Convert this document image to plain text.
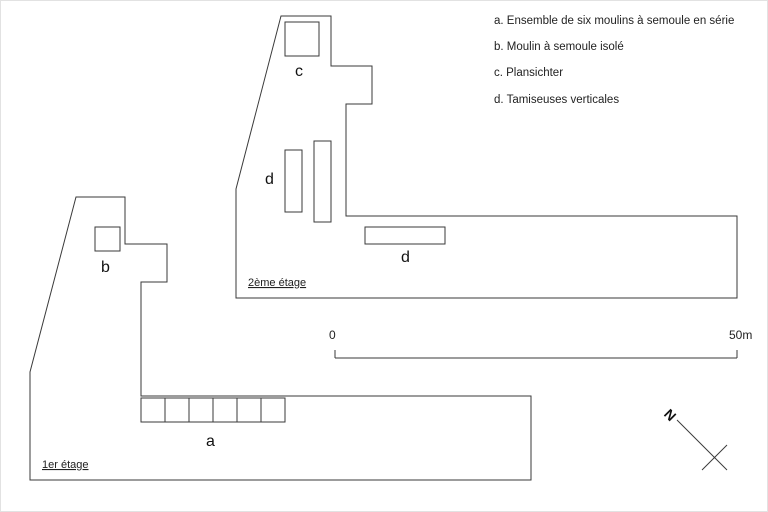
b
a
1er étage
c
d
d
2ème étage
a. Ensemble de six moulins à semoule en série
b. Moulin à semoule isolé
c. Plansichter
d. Tamiseuses verticales
0	50m
N
